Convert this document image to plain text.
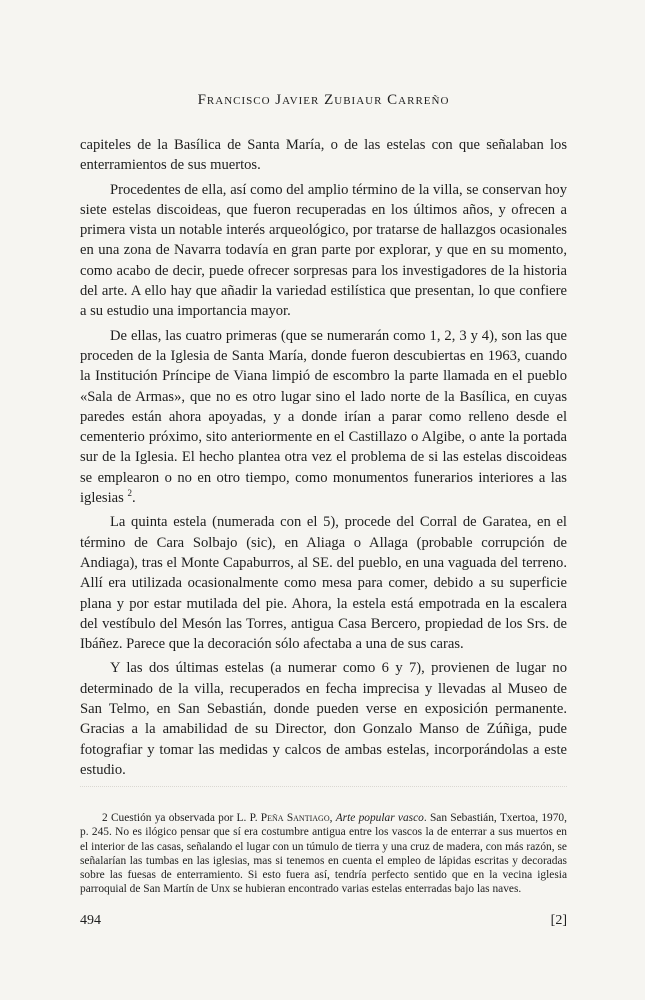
Francisco Javier Zubiaur Carreño

capiteles de la Basílica de Santa María, o de las estelas con que señalaban los enterramientos de sus muertos.

Procedentes de ella, así como del amplio término de la villa, se conservan hoy siete estelas discoideas, que fueron recuperadas en los últimos años, y ofrecen a primera vista un notable interés arqueológico, por tratarse de hallazgos ocasionales en una zona de Navarra todavía en gran parte por explorar, y que en su momento, como acabo de decir, puede ofrecer sorpresas para los investigadores de la historia del arte. A ello hay que añadir la variedad estilística que presentan, lo que confiere a su estudio una importancia mayor.

De ellas, las cuatro primeras (que se numerarán como 1, 2, 3 y 4), son las que proceden de la Iglesia de Santa María, donde fueron descubiertas en 1963, cuando la Institución Príncipe de Viana limpió de escombro la parte llamada en el pueblo «Sala de Armas», que no es otro lugar sino el lado norte de la Basílica, en cuyas paredes están ahora apoyadas, y a donde irían a parar como relleno desde el cementerio próximo, sito anteriormente en el Castillazo o Algibe, o ante la portada sur de la Iglesia. El hecho plantea otra vez el problema de si las estelas discoideas se emplearon o no en otro tiempo, como monumentos funerarios interiores a las iglesias $^2$.

La quinta estela (numerada con el 5), procede del Corral de Garatea, en el término de Cara Solbajo (sic), en Aliaga o Allaga (probable corrupción de Andiaga), tras el Monte Capaburros, al SE. del pueblo, en una vaguada del terreno. Allí era utilizada ocasionalmente como mesa para comer, debido a su superficie plana y por estar mutilada del pie. Ahora, la estela está empotrada en la escalera del vestíbulo del Mesón las Torres, antigua Casa Bercero, propiedad de los Srs. de Ibáñez. Parece que la decoración sólo afectaba a una de sus caras.

Y las dos últimas estelas (a numerar como 6 y 7), provienen de lugar no determinado de la villa, recuperados en fecha imprecisa y llevadas al Museo de San Telmo, en San Sebastián, donde pueden verse en exposición permanente. Gracias a la amabilidad de su Director, don Gonzalo Manso de Zúñiga, pude fotografiar y tomar las medidas y calcos de ambas estelas, incorporándolas a este estudio.

2 Cuestión ya observada por L. P. Peña Santiago, Arte popular vasco. San Sebastián, Txertoa, 1970, p. 245. No es ilógico pensar que sí era costumbre antigua entre los vascos la de enterrar a sus muertos en el interior de las casas, señalando el lugar con un túmulo de tierra y una cruz de madera, con más razón, se señalarían las tumbas en las iglesias, mas si tenemos en cuenta el empleo de lápidas escritas y decoradas sobre las fuesas de enterramiento. Si esto fuera así, tendría perfecto sentido que en la vecina iglesia parroquial de San Martín de Unx se hubieran encontrado varias estelas enterradas bajo las naves.

494	[2]
